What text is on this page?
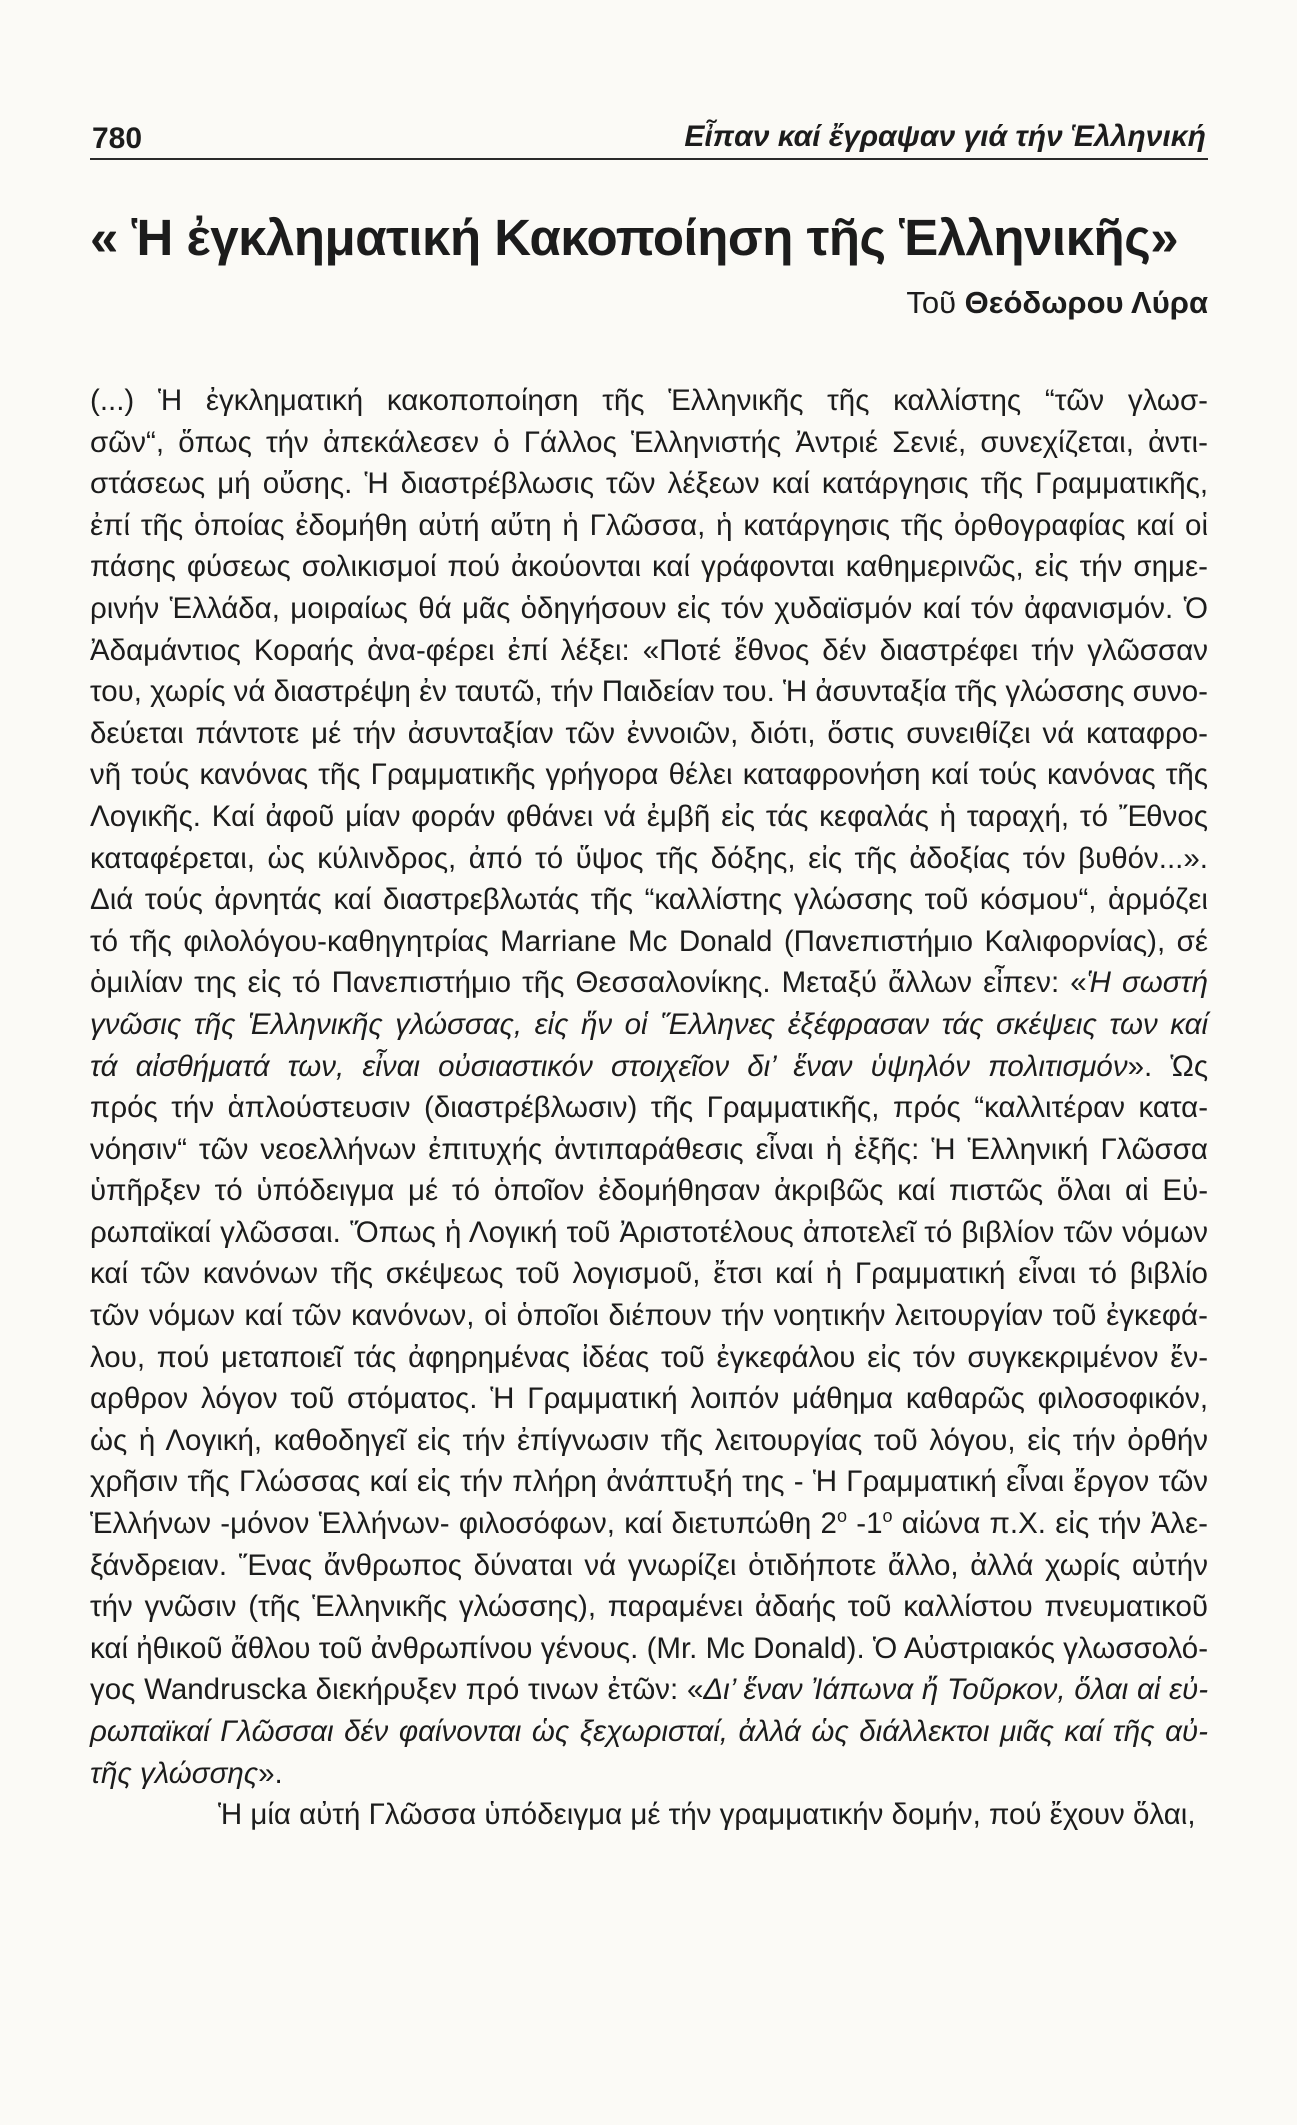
780	Εἶπαν καί ἔγραψαν γιά τήν Ἑλληνική
« Ἡ ἐγκληματική Κακοποίηση τῆς Ἑλληνικῆς»
Τοῦ Θεόδωρου Λύρα
(...) Ἡ ἐγκληματική κακοποποίηση τῆς Ἑλληνικῆς τῆς καλλίστης “τῶν γλωσ-
σῶν“, ὅπως τήν ἀπεκάλεσεν ὁ Γάλλος Ἑλληνιστής Ἀντριέ Σενιέ, συνεχίζεται, ἀντι-
στάσεως μή οὔσης. Ἡ διαστρέβλωσις τῶν λέξεων καί κατάργησις τῆς Γραμματικῆς,
ἐπί τῆς ὁποίας ἐδομήθη αὐτή αὔτη ἡ Γλῶσσα, ἡ κατάργησις τῆς ὀρθογραφίας καί οἱ
πάσης φύσεως σολικισμοί πού ἀκούονται καί γράφονται καθημερινῶς, εἰς τήν σημε-
ρινήν Ἑλλάδα, μοιραίως θά μᾶς ὁδηγήσουν εἰς τόν χυδαϊσμόν καί τόν ἀφανισμόν. Ὁ
Ἀδαμάντιος Κοραής ἀνα-φέρει ἐπί λέξει: «Ποτέ ἔθνος δέν διαστρέφει τήν γλῶσσαν
του, χωρίς νά διαστρέψη ἐν ταυτῶ, τήν Παιδείαν του. Ἡ ἀσυνταξία τῆς γλώσσης συνο-
δεύεται πάντοτε μέ τήν ἀσυνταξίαν τῶν ἐννοιῶν, διότι, ὅστις συνειθίζει νά καταφρο-
νῆ τούς κανόνας τῆς Γραμματικῆς γρήγορα θέλει καταφρονήση καί τούς κανόνας τῆς
Λογικῆς. Καί ἀφοῦ μίαν φοράν φθάνει νά ἐμβῆ εἰς τάς κεφαλάς ἡ ταραχή, τό Ἔθνος
καταφέρεται, ὡς κύλινδρος, ἀπό τό ὕψος τῆς δόξης, εἰς τῆς ἀδοξίας τόν βυθόν...».
Διά τούς ἀρνητάς καί διαστρεβλωτάς τῆς “καλλίστης γλώσσης τοῦ κόσμου“, ἁρμόζει
τό τῆς φιλολόγου-καθηγητρίας Marriane Mc Donald (Πανεπιστήμιο Καλιφορνίας), σέ
ὁμιλίαν της εἰς τό Πανεπιστήμιο τῆς Θεσσαλονίκης. Μεταξύ ἄλλων εἶπεν: «Ἡ σωστή
γνῶσις τῆς Ἑλληνικῆς γλώσσας, εἰς ἥν οἱ Ἕλληνες ἐξέφρασαν τάς σκέψεις των καί
τά αἰσθήματά των, εἶναι οὐσιαστικόν στοιχεῖον δι’ ἕναν ὑψηλόν πολιτισμόν». Ὡς
πρός τήν ἁπλούστευσιν (διαστρέβλωσιν) τῆς Γραμματικῆς, πρός “καλλιτέραν κατα-
νόησιν“ τῶν νεοελλήνων ἐπιτυχής ἀντιπαράθεσις εἶναι ἡ ἑξῆς: Ἡ Ἑλληνική Γλῶσσα
ὑπῆρξεν τό ὑπόδειγμα μέ τό ὁποῖον ἐδομήθησαν ἀκριβῶς καί πιστῶς ὅλαι αἱ Εὐ-
ρωπαϊκαί γλῶσσαι. Ὅπως ἡ Λογική τοῦ Ἀριστοτέλους ἀποτελεῖ τό βιβλίον τῶν νόμων
καί τῶν κανόνων τῆς σκέψεως τοῦ λογισμοῦ, ἔτσι καί ἡ Γραμματική εἶναι τό βιβλίο
τῶν νόμων καί τῶν κανόνων, οἱ ὁποῖοι διέπουν τήν νοητικήν λειτουργίαν τοῦ ἐγκεφά-
λου, πού μεταποιεῖ τάς ἀφηρημένας ἰδέας τοῦ ἐγκεφάλου εἰς τόν συγκεκριμένον ἔν-
αρθρον λόγον τοῦ στόματος. Ἡ Γραμματική λοιπόν μάθημα καθαρῶς φιλοσοφικόν,
ὡς ἡ Λογική, καθοδηγεῖ εἰς τήν ἐπίγνωσιν τῆς λειτουργίας τοῦ λόγου, εἰς τήν ὀρθήν
χρῆσιν τῆς Γλώσσας καί εἰς τήν πλήρη ἀνάπτυξή της - Ἡ Γραμματική εἶναι ἔργον τῶν
Ἑλλήνων -μόνον Ἑλλήνων- φιλοσόφων, καί διετυπώθη $2^o$ $-1^o$ αἰώνα π.Χ. εἰς τήν Ἀλε-
ξάνδρειαν. Ἕνας ἄνθρωπος δύναται νά γνωρίζει ὁτιδήποτε ἄλλο, ἀλλά χωρίς αὐτήν
τήν γνῶσιν (τῆς Ἑλληνικῆς γλώσσης), παραμένει ἀδαής τοῦ καλλίστου πνευματικοῦ
καί ἠθικοῦ ἄθλου τοῦ ἀνθρωπίνου γένους. (Mr. Mc Donald). Ὁ Αὐστριακός γλωσσολό-
γος Wandruscka διεκήρυξεν πρό τινων ἐτῶν: «Δι’ ἕναν Ἰάπωνα ἤ Τοῦρκον, ὅλαι αἱ εὐ-
ρωπαϊκαί Γλῶσσαι δέν φαίνονται ὡς ξεχωρισταί, ἀλλά ὡς διάλλεκτοι μιᾶς καί τῆς αὐ-
τῆς γλώσσης ».
Ἡ μία αὐτή Γλῶσσα ὑπόδειγμα μέ τήν γραμματικήν δομήν, πού ἔχουν ὅλαι,
